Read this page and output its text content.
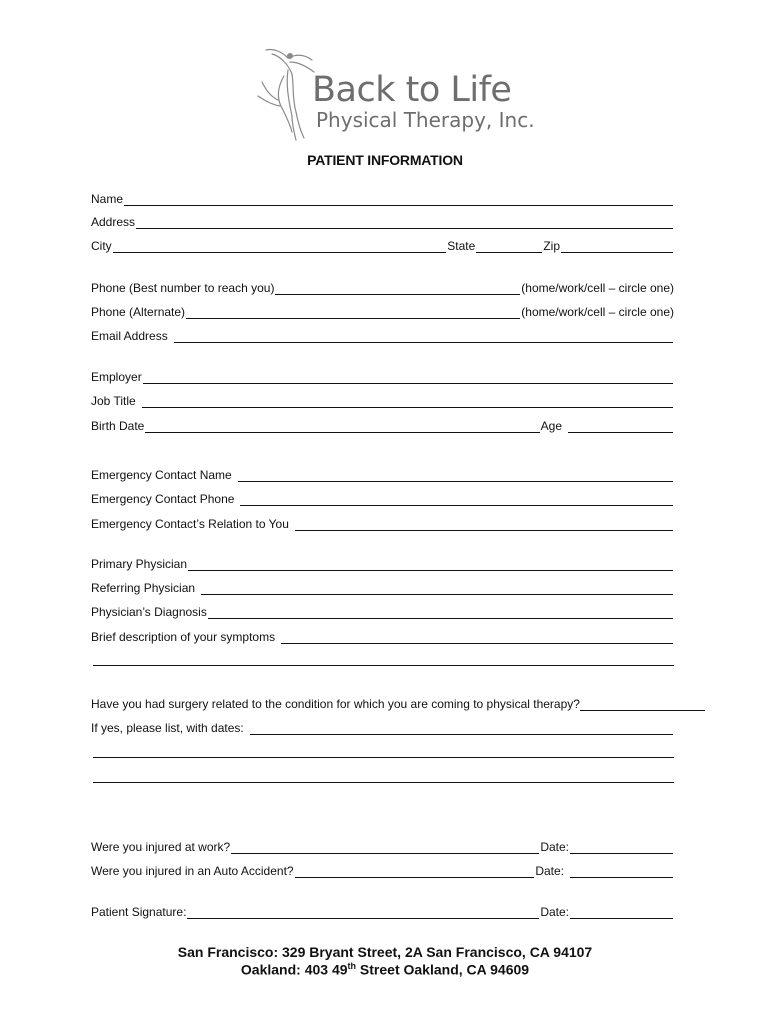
Back to Life
Physical Therapy, Inc.
PATIENT INFORMATION
Name
Address
City	State	Zip
Phone (Best number to reach you)	(home/work/cell – circle one)
Phone (Alternate)	(home/work/cell – circle one)
Email Address
Employer
Job Title
Birth Date	Age
Emergency Contact Name
Emergency Contact Phone
Emergency Contact’s Relation to You
Primary Physician
Referring Physician
Physician’s Diagnosis
Brief description of your symptoms
Have you had surgery related to the condition for which you are coming to physical therapy?
If yes, please list, with dates:
Were you injured at work?	Date:
Were you injured in an Auto Accident?	Date:
Patient Signature:	Date:
San Francisco: 329 Bryant Street, 2A San Francisco, CA 94107
Oakland: 403 49th Street Oakland, CA 94609
